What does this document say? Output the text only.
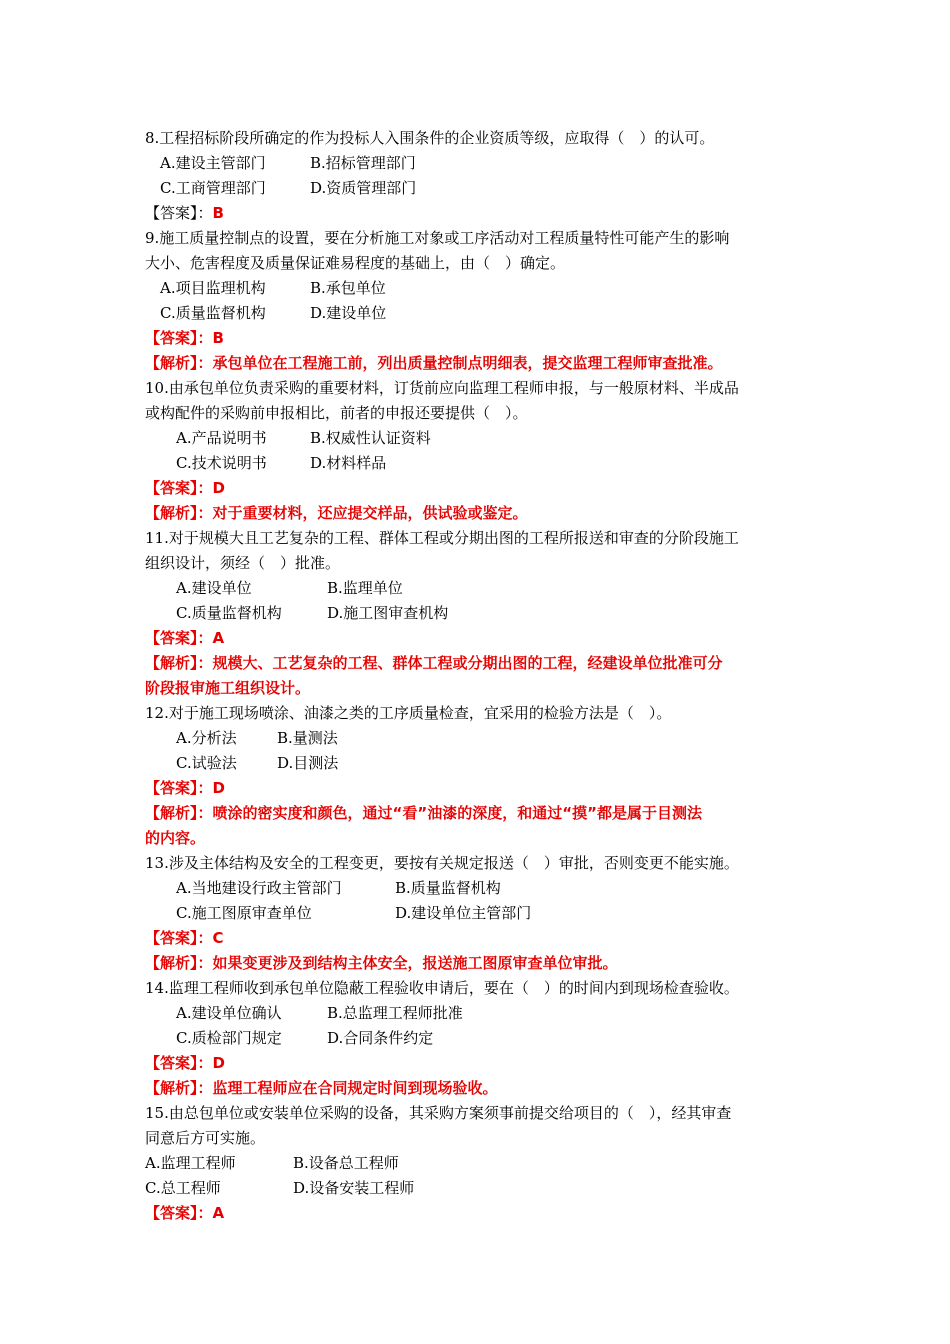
8.工程招标阶段所确定的作为投标人入围条件的企业资质等级，应取得（　）的认可。
A.建设主管部门	B.招标管理部门
C.工商管理部门	D.资质管理部门
【答案】：B
9.施工质量控制点的设置，要在分析施工对象或工序活动对工程质量特性可能产生的影响
大小、危害程度及质量保证难易程度的基础上，由（　）确定。
A.项目监理机构	B.承包单位
C.质量监督机构	D.建设单位
【答案】：B
【解析】：承包单位在工程施工前，列出质量控制点明细表，提交监理工程师审查批准。
10.由承包单位负责采购的重要材料，订货前应向监理工程师申报，与一般原材料、半成品
或构配件的采购前申报相比，前者的申报还要提供（　）。
A.产品说明书	B.权威性认证资料
C.技术说明书	D.材料样品
【答案】：D
【解析】：对于重要材料，还应提交样品，供试验或鉴定。
11.对于规模大且工艺复杂的工程、群体工程或分期出图的工程所报送和审查的分阶段施工
组织设计，须经（　）批准。
A.建设单位	B.监理单位
C.质量监督机构	D.施工图审查机构
【答案】：A
【解析】：规模大、工艺复杂的工程、群体工程或分期出图的工程，经建设单位批准可分
阶段报审施工组织设计。
12.对于施工现场喷涂、油漆之类的工序质量检查，宜采用的检验方法是（　）。
A.分析法	B.量测法
C.试验法	D.目测法
【答案】：D
【解析】：喷涂的密实度和颜色，通过“看”油漆的深度，和通过“摸”都是属于目测法
的内容。
13.涉及主体结构及安全的工程变更，要按有关规定报送（　）审批，否则变更不能实施。
A.当地建设行政主管部门	B.质量监督机构
C.施工图原审查单位	D.建设单位主管部门
【答案】：C
【解析】：如果变更涉及到结构主体安全，报送施工图原审查单位审批。
14.监理工程师收到承包单位隐蔽工程验收申请后，要在（　）的时间内到现场检查验收。
A.建设单位确认	B.总监理工程师批准
C.质检部门规定	D.合同条件约定
【答案】：D
【解析】：监理工程师应在合同规定时间到现场验收。
15.由总包单位或安装单位采购的设备，其采购方案须事前提交给项目的（　），经其审查
同意后方可实施。
A.监理工程师	B.设备总工程师
C.总工程师	D.设备安装工程师
【答案】：A
